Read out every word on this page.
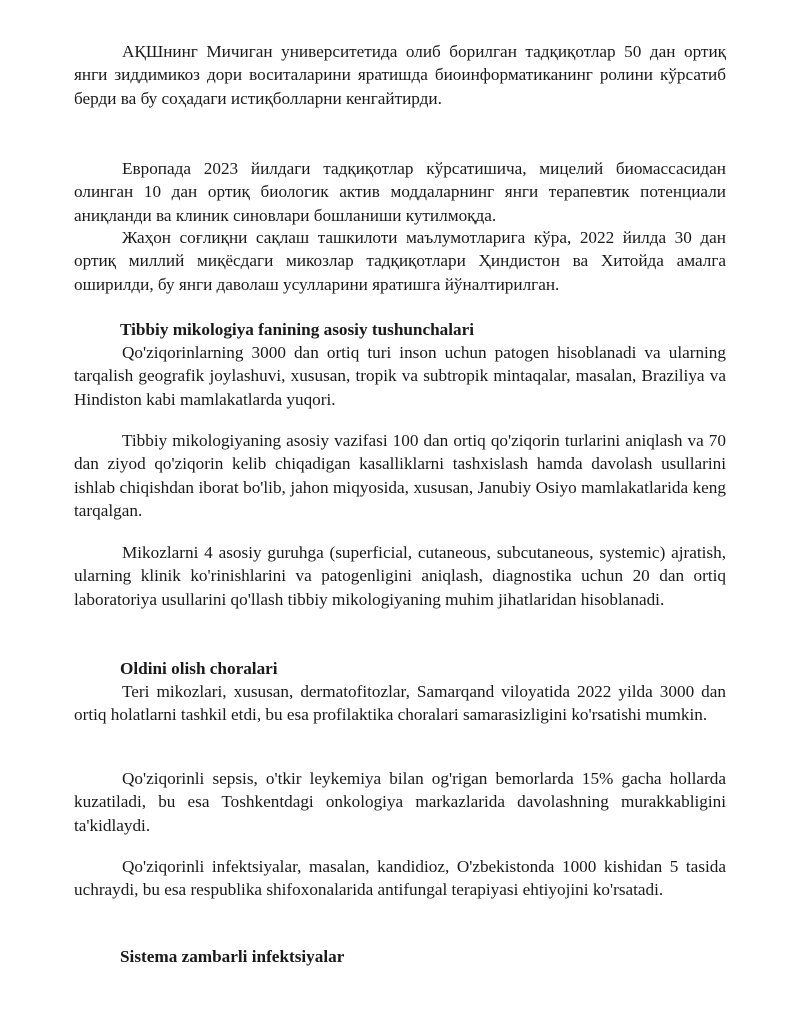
АҚШнинг Мичиган университетида олиб борилган тадқиқотлар 50 дан ортиқ янги зиддимикоз дори воситаларини яратишда биоинформатиканинг ролини кўрсатиб берди ва бу соҳадаги истиқболларни кенгайтирди.

Европада 2023 йилдаги тадқиқотлар кўрсатишича, мицелий биомассасидан олинган 10 дан ортиқ биологик актив моддаларнинг янги терапевтик потенциали аниқланди ва клиник синовлари бошланиши кутилмоқда.

Жаҳон соғлиқни сақлаш ташкилоти маълумотларига кўра, 2022 йилда 30 дан ортиқ миллий миқёсдаги микозлар тадқиқотлари Ҳиндистон ва Хитойда амалга оширилди, бу янги даволаш усулларини яратишга йўналтирилган.

Tibbiy mikologiya fanining asosiy tushunchalari

Qo'ziqorinlarning 3000 dan ortiq turi inson uchun patogen hisoblanadi va ularning tarqalish geografik joylashuvi, xususan, tropik va subtropik mintaqalar, masalan, Braziliya va Hindiston kabi mamlakatlarda yuqori.

Tibbiy mikologiyaning asosiy vazifasi 100 dan ortiq qo'ziqorin turlarini aniqlash va 70 dan ziyod qo'ziqorin kelib chiqadigan kasalliklarni tashxislash hamda davolash usullarini ishlab chiqishdan iborat bo'lib, jahon miqyosida, xususan, Janubiy Osiyo mamlakatlarida keng tarqalgan.

Mikozlarni 4 asosiy guruhga (superficial, cutaneous, subcutaneous, systemic) ajratish, ularning klinik ko'rinishlarini va patogenligini aniqlash, diagnostika uchun 20 dan ortiq laboratoriya usullarini qo'llash tibbiy mikologiyaning muhim jihatlaridan hisoblanadi.

Oldini olish choralari

Teri mikozlari, xususan, dermatofitozlar, Samarqand viloyatida 2022 yilda 3000 dan ortiq holatlarni tashkil etdi, bu esa profilaktika choralari samarasizligini ko'rsatishi mumkin.

Qo'ziqorinli sepsis, o'tkir leykemiya bilan og'rigan bemorlarda 15% gacha hollarda kuzatiladi, bu esa Toshkentdagi onkologiya markazlarida davolashning murakkabligini ta'kidlaydi.

Qo'ziqorinli infektsiyalar, masalan, kandidioz, O'zbekistonda 1000 kishidan 5 tasida uchraydi, bu esa respublika shifoxonalarida antifungal terapiyasi ehtiyojini ko'rsatadi.

Sistema zambarli infektsiyalar
